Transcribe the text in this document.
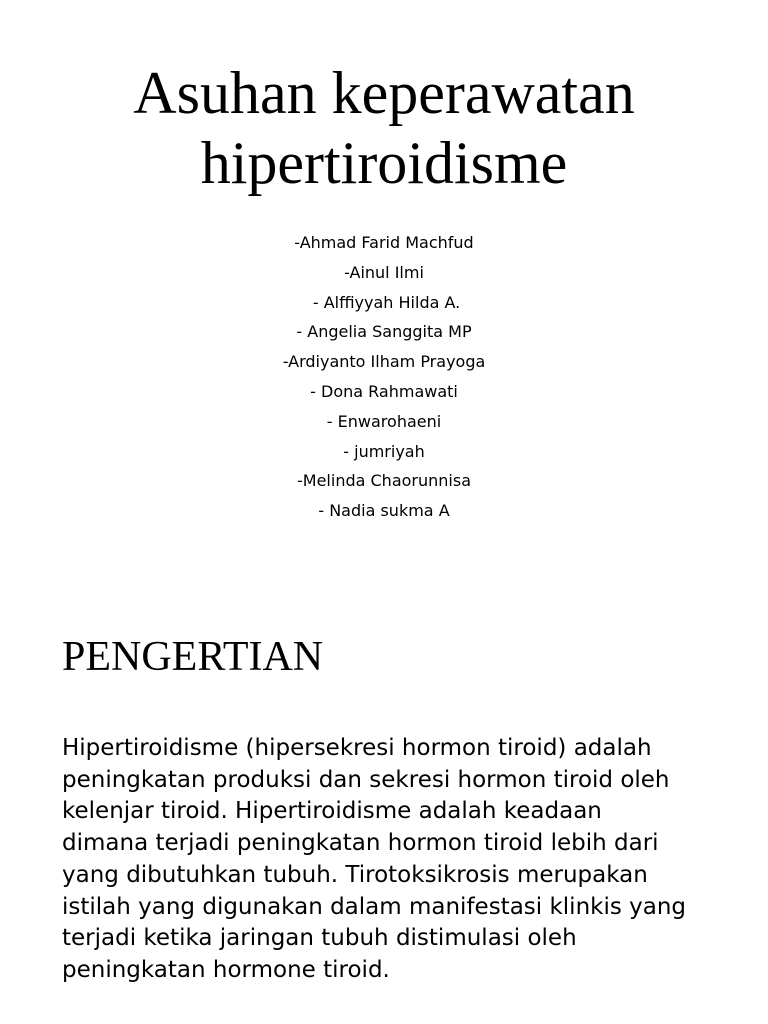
Asuhan keperawatan
hipertiroidisme
-Ahmad Farid Machfud
-Ainul Ilmi
- Alffiyyah Hilda A.
- Angelia Sanggita MP
-Ardiyanto Ilham Prayoga
- Dona Rahmawati
- Enwarohaeni
- jumriyah
-Melinda Chaorunnisa
- Nadia sukma A
PENGERTIAN

Hipertiroidisme (hipersekresi hormon tiroid) adalah
peningkatan produksi dan sekresi hormon tiroid oleh
kelenjar tiroid. Hipertiroidisme adalah keadaan
dimana terjadi peningkatan hormon tiroid lebih dari
yang dibutuhkan tubuh. Tirotoksikrosis merupakan
istilah yang digunakan dalam manifestasi klinkis yang
terjadi ketika jaringan tubuh distimulasi oleh
peningkatan hormone tiroid.
